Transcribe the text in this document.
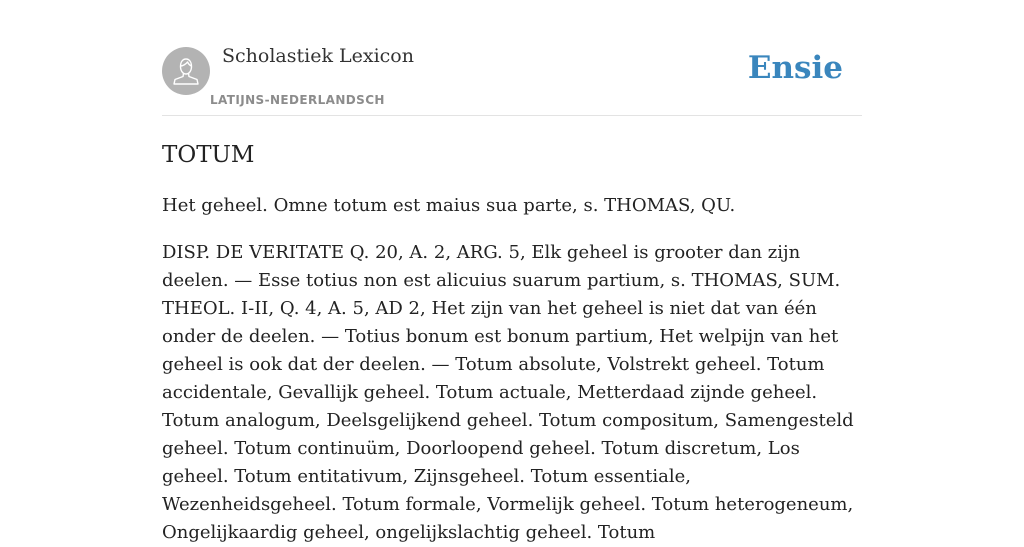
Scholastiek Lexicon
LATIJNS-NEDERLANDSCH
Ensie
TOTUM

Het geheel. Omne totum est maius sua parte, s. THOMAS, QU.

DISP. DE VERITATE Q. 20, A. 2, ARG. 5, Elk geheel is grooter dan zijn deelen. — Esse totius non est alicuius suarum partium, s. THOMAS, SUM. THEOL. I-II, Q. 4, A. 5, AD 2, Het zijn van het geheel is niet dat van één onder de deelen. — Totius bonum est bonum partium, Het welpijn van het geheel is ook dat der deelen. — Totum absolute, Volstrekt geheel. Totum accidentale, Gevallijk geheel. Totum actuale, Metterdaad zijnde geheel. Totum analogum, Deelsgelijkend geheel. Totum compositum, Samengesteld geheel. Totum continuüm, Doorloopend geheel. Totum discretum, Los geheel. Totum entitativum, Zijnsgeheel. Totum essentiale, Wezenheidsgeheel. Totum formale, Vormelijk geheel. Totum heterogeneum, Ongelijkaardig geheel, ongelijkslachtig geheel. Totum
